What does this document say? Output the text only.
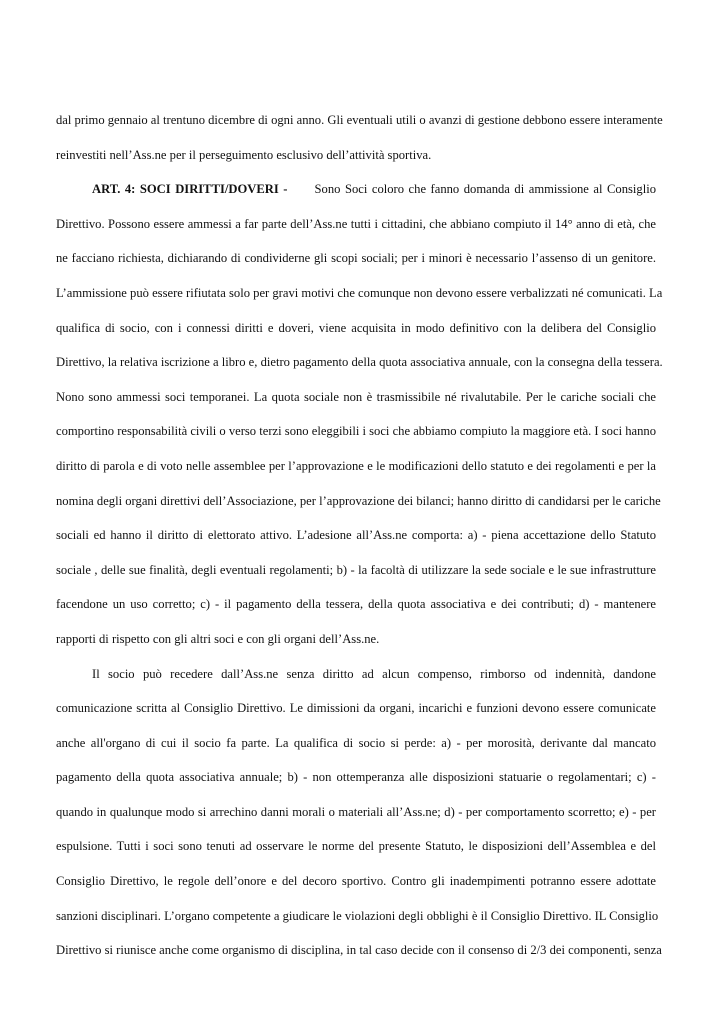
dal primo gennaio al trentuno dicembre di ogni anno. Gli eventuali utili o avanzi di gestione debbono essere interamente
reinvestiti nell’Ass.ne per il perseguimento esclusivo dell’attività sportiva.
ART. 4: SOCI DIRITTI/DOVERI - Sono Soci coloro che fanno domanda di ammissione al Consiglio
Direttivo. Possono essere ammessi a far parte dell’Ass.ne tutti i cittadini, che abbiano compiuto il 14° anno di età, che
ne facciano richiesta, dichiarando di condividerne gli scopi sociali; per i minori è necessario l’assenso di un genitore.
L’ammissione può essere rifiutata solo per gravi motivi che comunque non devono essere verbalizzati né comunicati. La
qualifica di socio, con i connessi diritti e doveri, viene acquisita in modo definitivo con la delibera del Consiglio
Direttivo, la relativa iscrizione a libro e, dietro pagamento della quota associativa annuale, con la consegna della tessera.
Nono sono ammessi soci temporanei. La quota sociale non è trasmissibile né rivalutabile. Per le cariche sociali che
comportino responsabilità civili o verso terzi sono eleggibili i soci che abbiamo compiuto la maggiore età. I soci hanno
diritto di parola e di voto nelle assemblee per l’approvazione e le modificazioni dello statuto e dei regolamenti e per la
nomina degli organi direttivi dell’Associazione, per l’approvazione dei bilanci; hanno diritto di candidarsi per le cariche
sociali ed hanno il diritto di elettorato attivo. L’adesione all’Ass.ne comporta: a) - piena accettazione dello Statuto
sociale , delle sue finalità, degli eventuali regolamenti; b) - la facoltà di utilizzare la sede sociale e le sue infrastrutture
facendone un uso corretto; c) - il pagamento della tessera, della quota associativa e dei contributi; d) - mantenere
rapporti di rispetto con gli altri soci e con gli organi dell’Ass.ne.
Il socio può recedere dall’Ass.ne senza diritto ad alcun compenso, rimborso od indennità, dandone
comunicazione scritta al Consiglio Direttivo. Le dimissioni da organi, incarichi e funzioni devono essere comunicate
anche all'organo di cui il socio fa parte. La qualifica di socio si perde: a) - per morosità, derivante dal mancato
pagamento della quota associativa annuale; b) - non ottemperanza alle disposizioni statuarie o regolamentari; c) -
quando in qualunque modo si arrechino danni morali o materiali all’Ass.ne; d) - per comportamento scorretto; e) - per
espulsione. Tutti i soci sono tenuti ad osservare le norme del presente Statuto, le disposizioni dell’Assemblea e del
Consiglio Direttivo, le regole dell’onore e del decoro sportivo. Contro gli inadempimenti potranno essere adottate
sanzioni disciplinari. L’organo competente a giudicare le violazioni degli obblighi è il Consiglio Direttivo. IL Consiglio
Direttivo si riunisce anche come organismo di disciplina, in tal caso decide con il consenso di 2/3 dei componenti, senza
